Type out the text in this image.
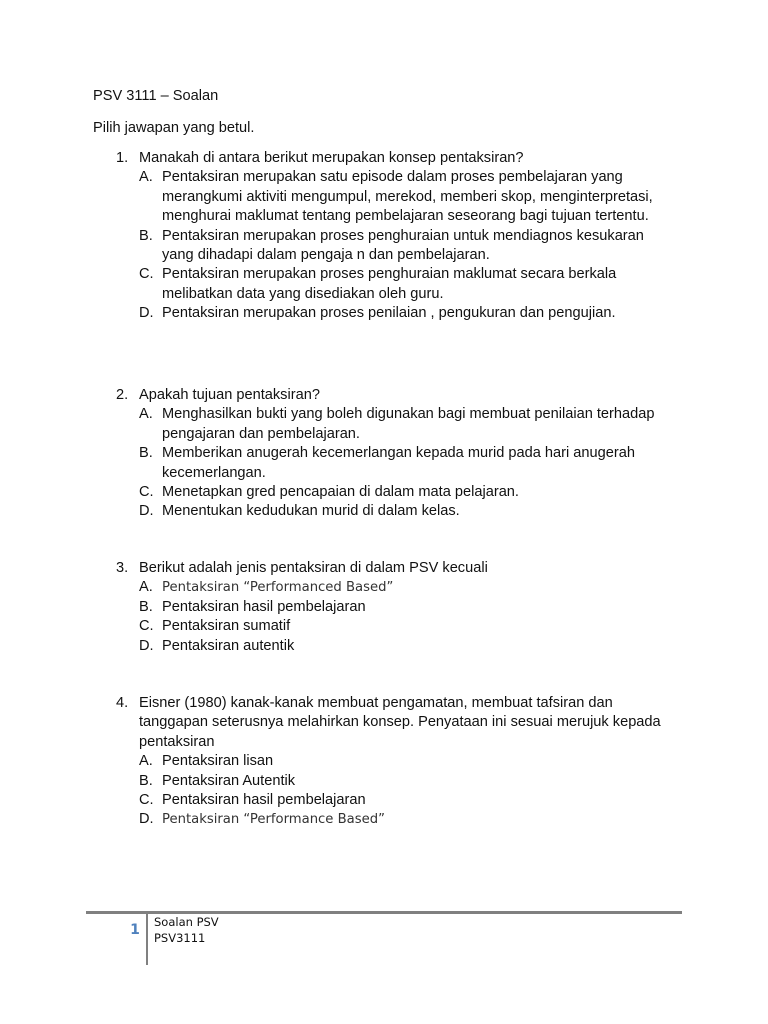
PSV 3111 – Soalan
Pilih jawapan yang betul.
1. Manakah di antara berikut merupakan konsep pentaksiran?
A. Pentaksiran merupakan satu episode dalam proses pembelajaran yang merangkumi aktiviti mengumpul, merekod, memberi skop, menginterpretasi, menghurai maklumat tentang pembelajaran seseorang bagi tujuan tertentu.
B. Pentaksiran merupakan proses penghuraian untuk mendiagnos kesukaran yang dihadapi dalam pengaja n dan pembelajaran.
C. Pentaksiran merupakan proses penghuraian maklumat secara berkala melibatkan data yang disediakan oleh guru.
D. Pentaksiran merupakan proses penilaian , pengukuran dan pengujian.
2. Apakah tujuan pentaksiran?
A. Menghasilkan bukti yang boleh digunakan bagi membuat penilaian terhadap pengajaran dan pembelajaran.
B. Memberikan anugerah kecemerlangan kepada murid pada hari anugerah kecemerlangan.
C. Menetapkan gred pencapaian di dalam mata pelajaran.
D. Menentukan kedudukan murid di dalam kelas.
3. Berikut adalah jenis pentaksiran di dalam PSV kecuali
A. Pentaksiran “Performanced Based”
B. Pentaksiran hasil pembelajaran
C. Pentaksiran sumatif
D. Pentaksiran autentik
4. Eisner (1980) kanak-kanak membuat pengamatan, membuat tafsiran dan tanggapan seterusnya melahirkan konsep. Penyataan ini sesuai merujuk kepada pentaksiran
A. Pentaksiran lisan
B. Pentaksiran Autentik
C. Pentaksiran hasil pembelajaran
D. Pentaksiran “Performance Based”
1	Soalan PSV
PSV3111
